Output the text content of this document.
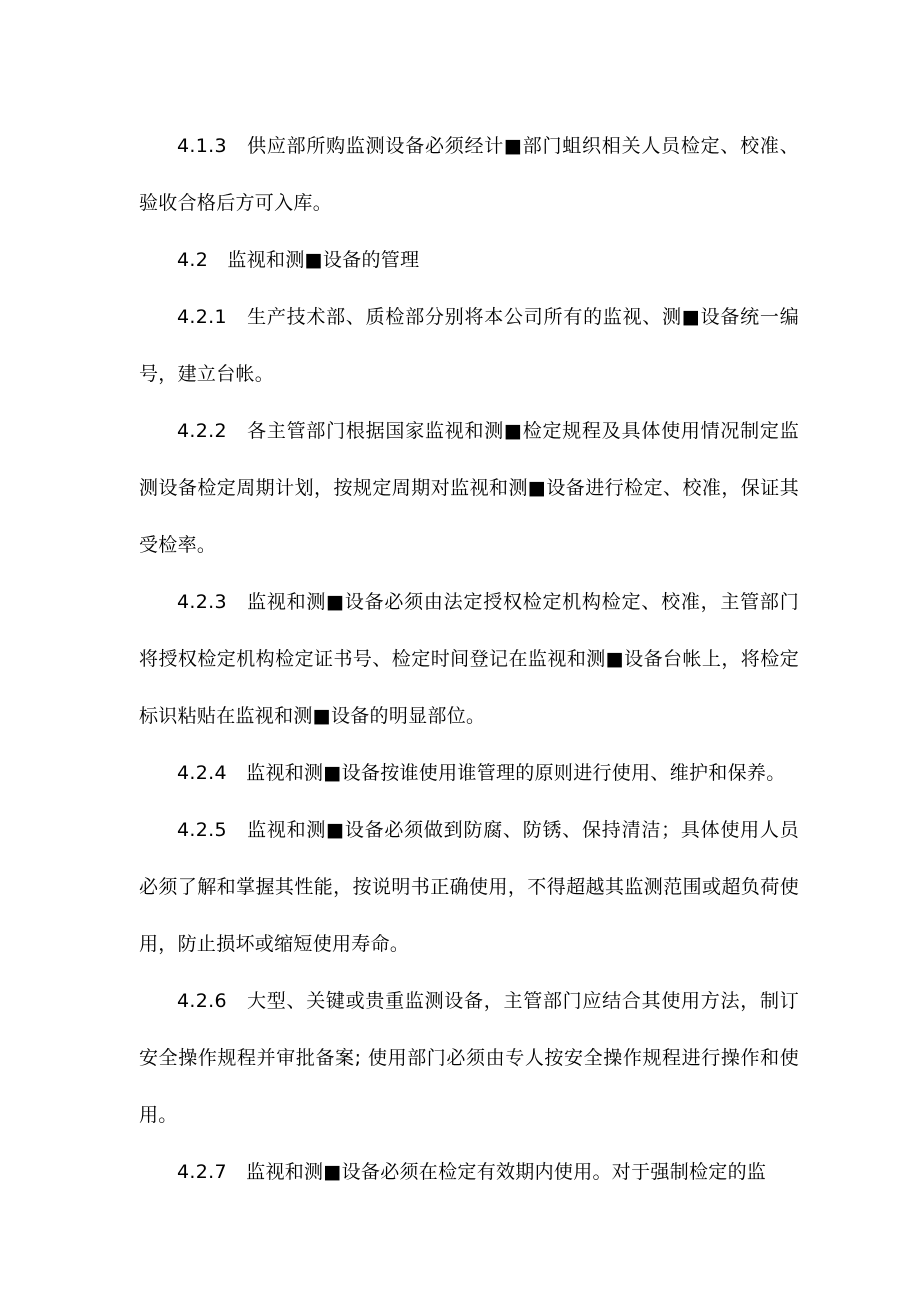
4.1.3　供应部所购监测设备必须经计■部门蛆织相关人员检定、校准、验收合格后方可入库。

4.2　监视和测■设备的管理

4.2.1　生产技术部、质检部分别将本公司所有的监视、测■设备统一编号，建立台帐。

4.2.2　各主管部门根据国家监视和测■检定规程及具体使用情况制定监测设备检定周期计划，按规定周期对监视和测■设备进行检定、校准，保证其受检率。

4.2.3　监视和测■设备必须由法定授权检定机构检定、校准，主管部门将授权检定机构检定证书号、检定时间登记在监视和测■设备台帐上，将检定标识粘贴在监视和测■设备的明显部位。

4.2.4　监视和测■设备按谁使用谁管理的原则进行使用、维护和保养。

4.2.5　监视和测■设备必须做到防腐、防锈、保持清洁；具体使用人员必须了解和掌握其性能，按说明书正确使用，不得超越其监测范围或超负荷使用，防止损坏或缩短使用寿命。

4.2.6　大型、关键或贵重监测设备，主管部门应结合其使用方法，制订安全操作规程并审批备案; 使用部门必须由专人按安全操作规程进行操作和使用。

4.2.7　监视和测■设备必须在检定有效期内使用。对于强制检定的监
